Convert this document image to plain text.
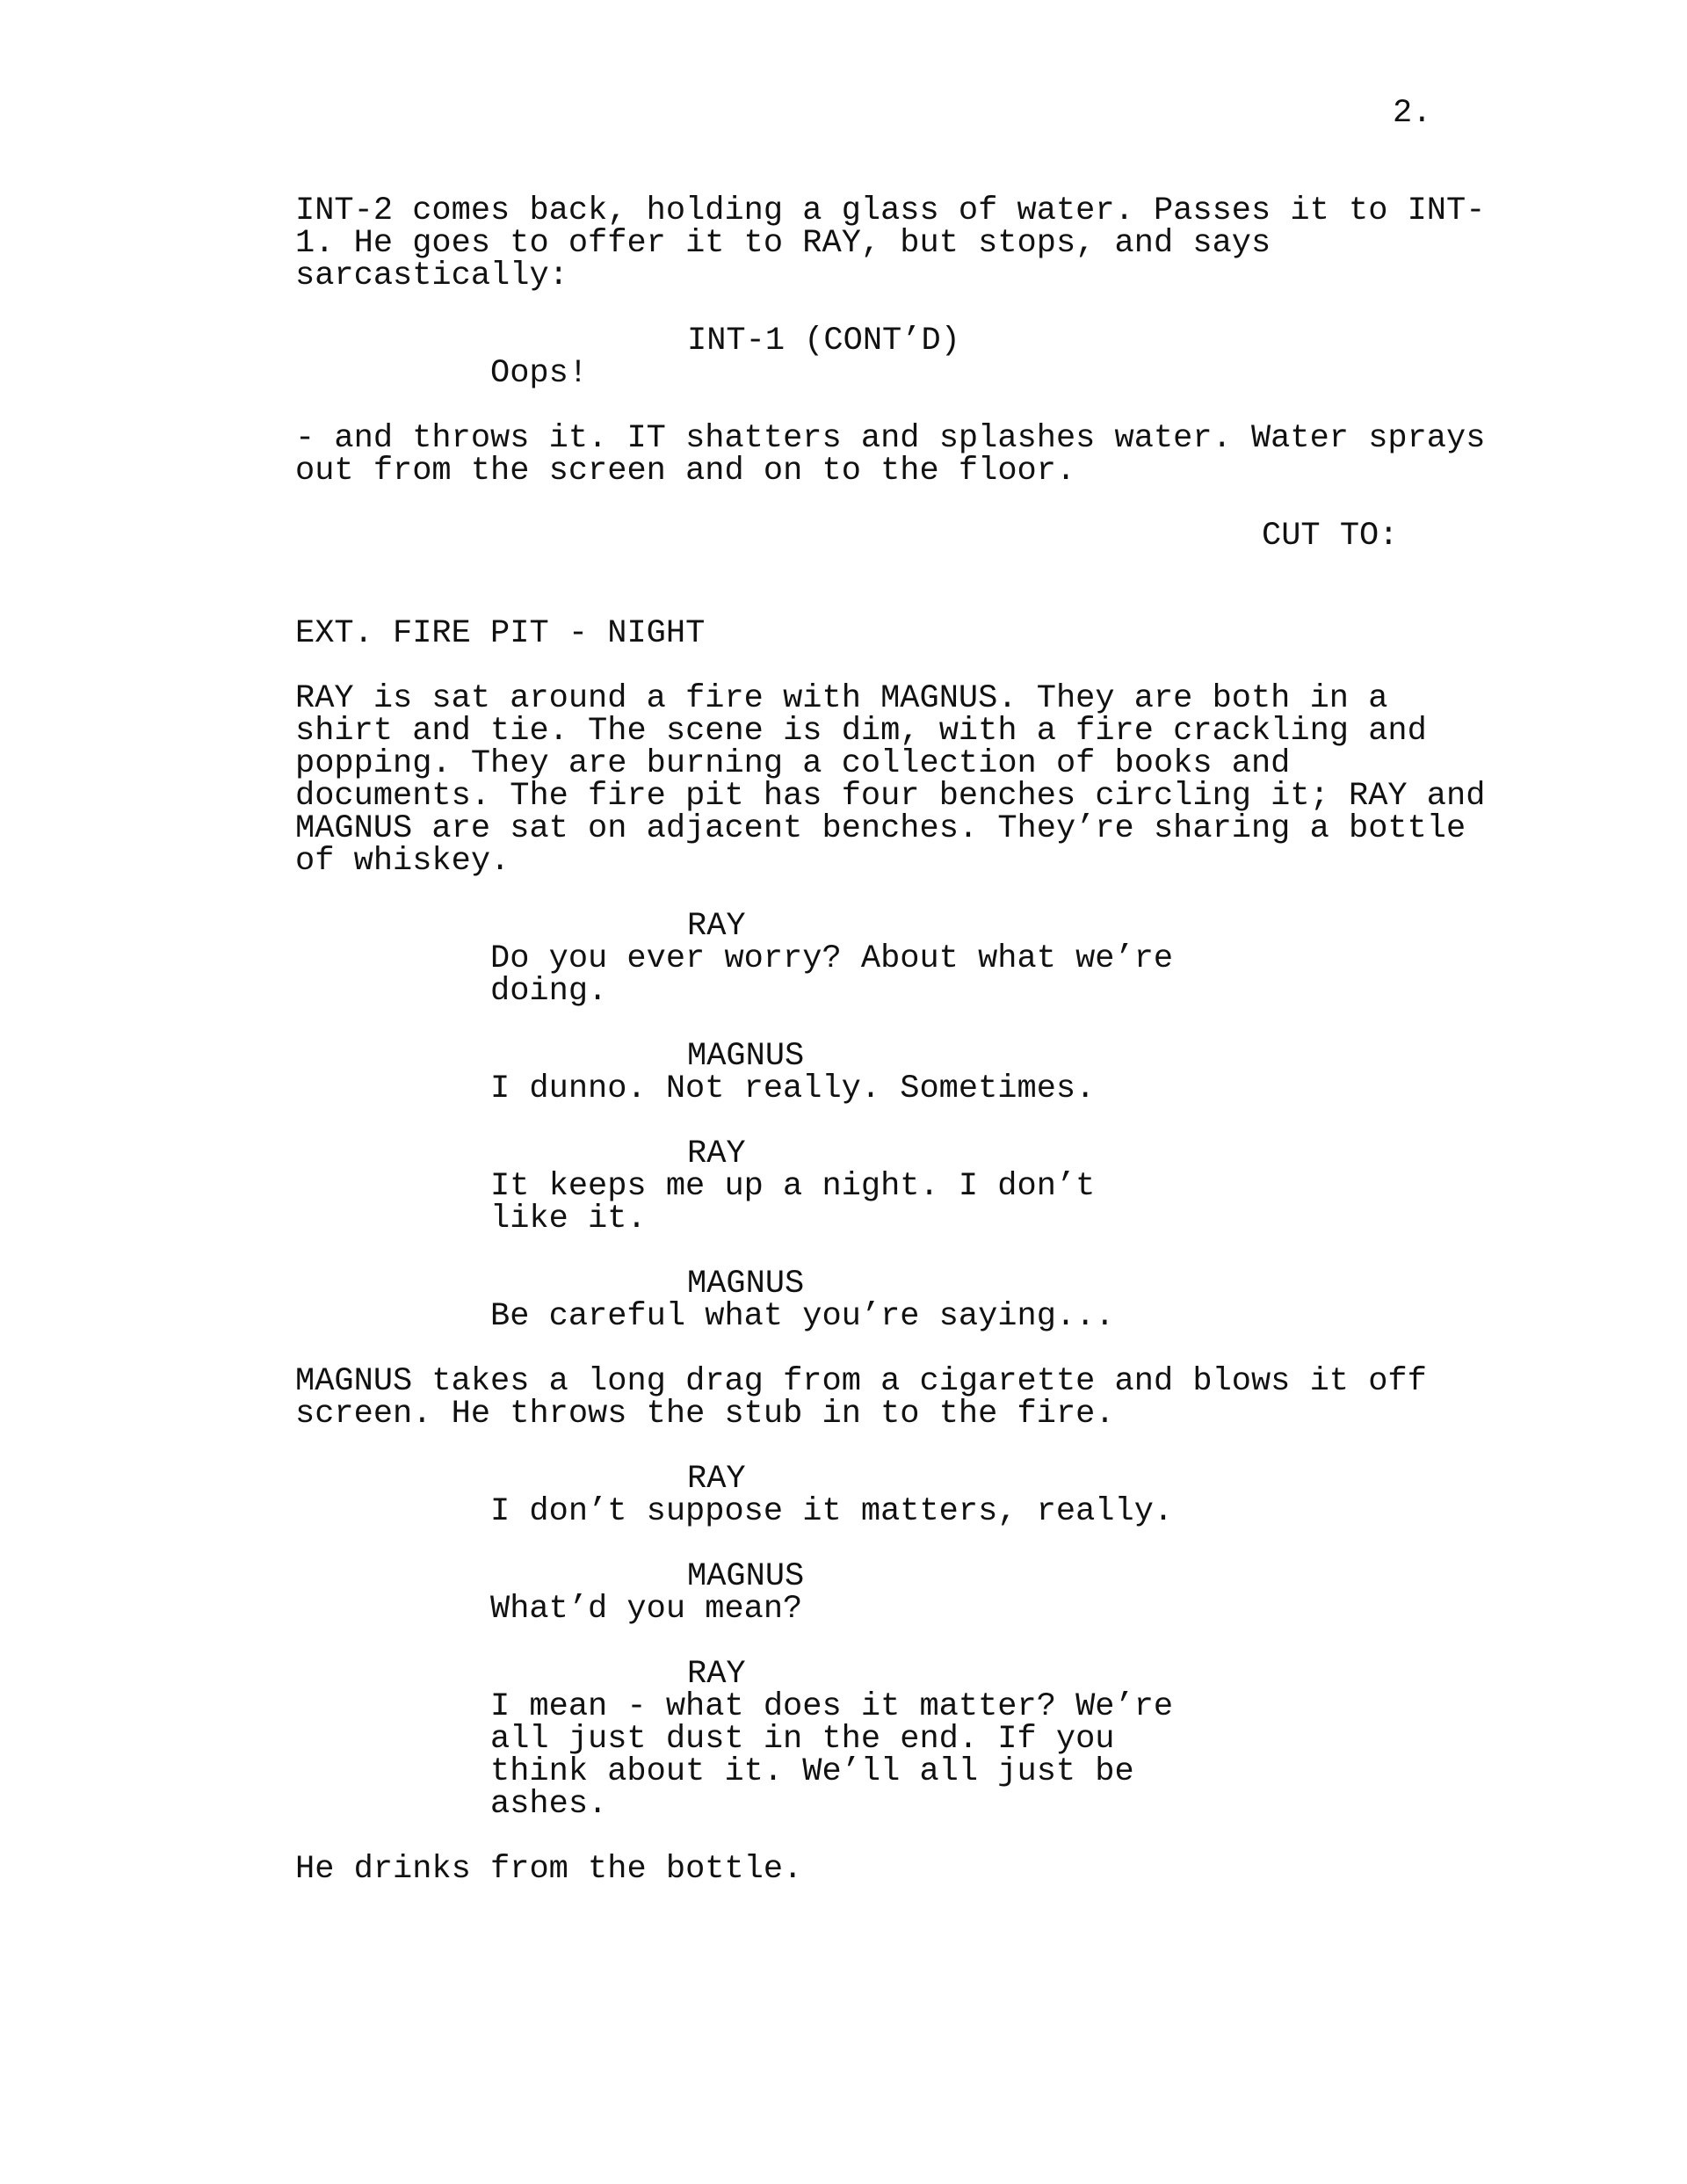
2.
INT-2 comes back, holding a glass of water. Passes it to INT-
1. He goes to offer it to RAY, but stops, and says
sarcastically:
INT-1 (CONT’D)
Oops!
- and throws it. IT shatters and splashes water. Water sprays
out from the screen and on to the floor.
CUT TO:
EXT. FIRE PIT - NIGHT
RAY is sat around a fire with MAGNUS. They are both in a
shirt and tie. The scene is dim, with a fire crackling and
popping. They are burning a collection of books and
documents. The fire pit has four benches circling it; RAY and
MAGNUS are sat on adjacent benches. They’re sharing a bottle
of whiskey.
RAY
Do you ever worry? About what we’re
doing.
MAGNUS
I dunno. Not really. Sometimes.
RAY
It keeps me up a night. I don’t
like it.
MAGNUS
Be careful what you’re saying...
MAGNUS takes a long drag from a cigarette and blows it off
screen. He throws the stub in to the fire.
RAY
I don’t suppose it matters, really.
MAGNUS
What’d you mean?
RAY
I mean - what does it matter? We’re
all just dust in the end. If you
think about it. We’ll all just be
ashes.
He drinks from the bottle.
